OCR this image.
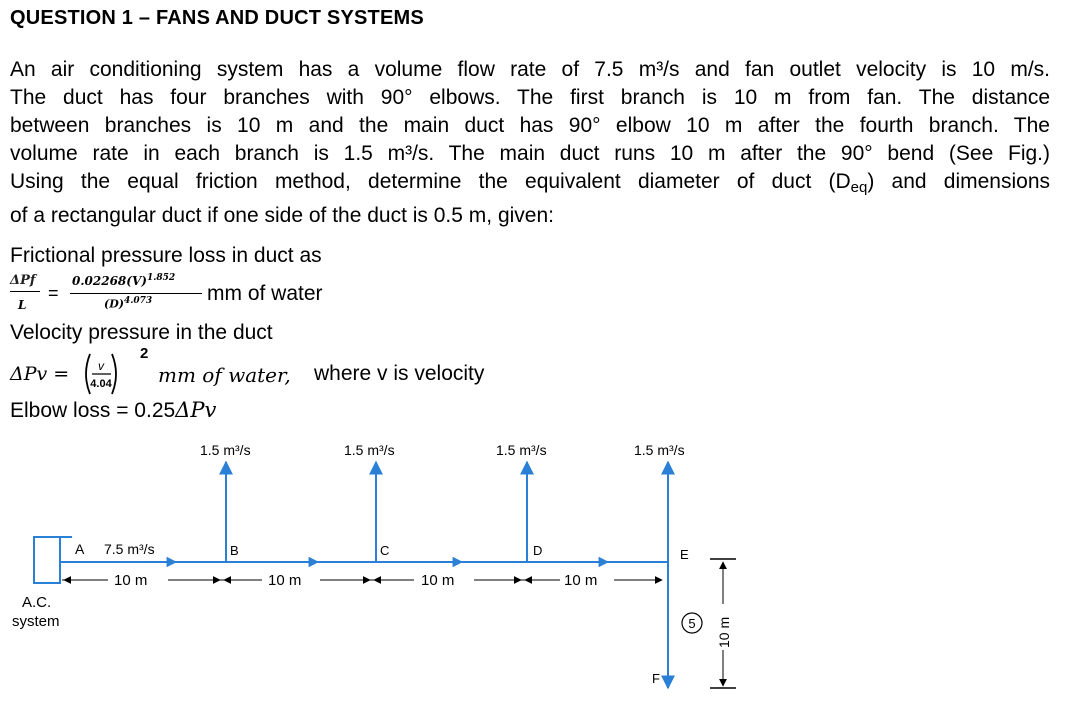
QUESTION 1 – FANS AND DUCT SYSTEMS
An air conditioning system has a volume flow rate of 7.5 m³/s and fan outlet velocity is 10 m/s.
The duct has four branches with 90° elbows. The first branch is 10 m from fan. The distance
between branches is 10 m and the main duct has 90° elbow 10 m after the fourth branch. The
volume rate in each branch is 1.5 m³/s. The main duct runs 10 m after the 90° bend (See Fig.)
Using the equal friction method, determine the equivalent diameter of duct $(D_{eq})$ and dimensions
of a rectangular duct if one side of the duct is 0.5 m, given:
Frictional pressure loss in duct as
ΔPf
L
=
$0.02268(V)^{1.852}$
$(D)^{4.073}$	mm of water
Velocity pressure in the duct
ΔPv = v
4.04
2
mm of water, where v is velocity
Elbow loss = 0.25ΔPv
1.5 m³/s	1.5 m³/s	1.5 m³/s	1.5 m³/s
A 7.5 m³/s	B	C	D	E
F
10 m	10 m	10 m	10 m
10 m
5
A.C.
system
